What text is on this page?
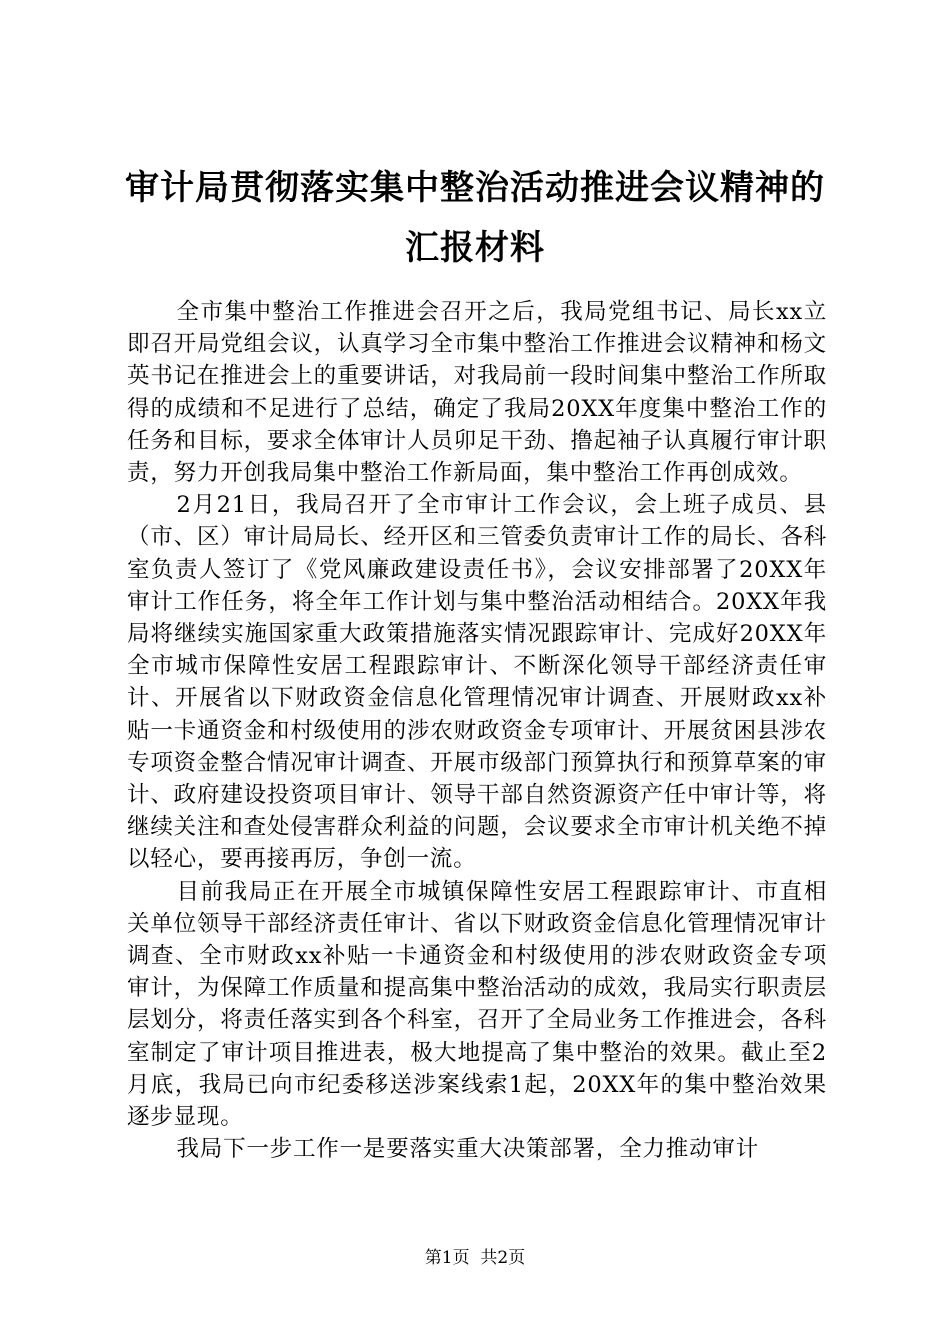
审计局贯彻落实集中整治活动推进会议精神的
汇报材料

全市集中整治工作推进会召开之后，我局党组书记、局长xx立即召开局党组会议，认真学习全市集中整治工作推进会议精神和杨文英书记在推进会上的重要讲话，对我局前一段时间集中整治工作所取得的成绩和不足进行了总结，确定了我局20XX年度集中整治工作的任务和目标，要求全体审计人员卯足干劲、撸起袖子认真履行审计职责，努力开创我局集中整治工作新局面，集中整治工作再创成效。

2月21日，我局召开了全市审计工作会议，会上班子成员、县（市、区）审计局局长、经开区和三管委负责审计工作的局长、各科室负责人签订了《党风廉政建设责任书》，会议安排部署了20XX年审计工作任务，将全年工作计划与集中整治活动相结合。20XX年我局将继续实施国家重大政策措施落实情况跟踪审计、完成好20XX年全市城市保障性安居工程跟踪审计、不断深化领导干部经济责任审计、开展省以下财政资金信息化管理情况审计调查、开展财政xx补贴一卡通资金和村级使用的涉农财政资金专项审计、开展贫困县涉农专项资金整合情况审计调查、开展市级部门预算执行和预算草案的审计、政府建设投资项目审计、领导干部自然资源资产任中审计等，将继续关注和查处侵害群众利益的问题，会议要求全市审计机关绝不掉以轻心，要再接再厉，争创一流。

目前我局正在开展全市城镇保障性安居工程跟踪审计、市直相关单位领导干部经济责任审计、省以下财政资金信息化管理情况审计调查、全市财政xx补贴一卡通资金和村级使用的涉农财政资金专项审计，为保障工作质量和提高集中整治活动的成效，我局实行职责层层划分，将责任落实到各个科室，召开了全局业务工作推进会，各科室制定了审计项目推进表，极大地提高了集中整治的效果。截止至2月底，我局已向市纪委移送涉案线索1起，20XX年的集中整治效果逐步显现。

我局下一步工作一是要落实重大决策部署，全力推动审计

第1页  共2页
